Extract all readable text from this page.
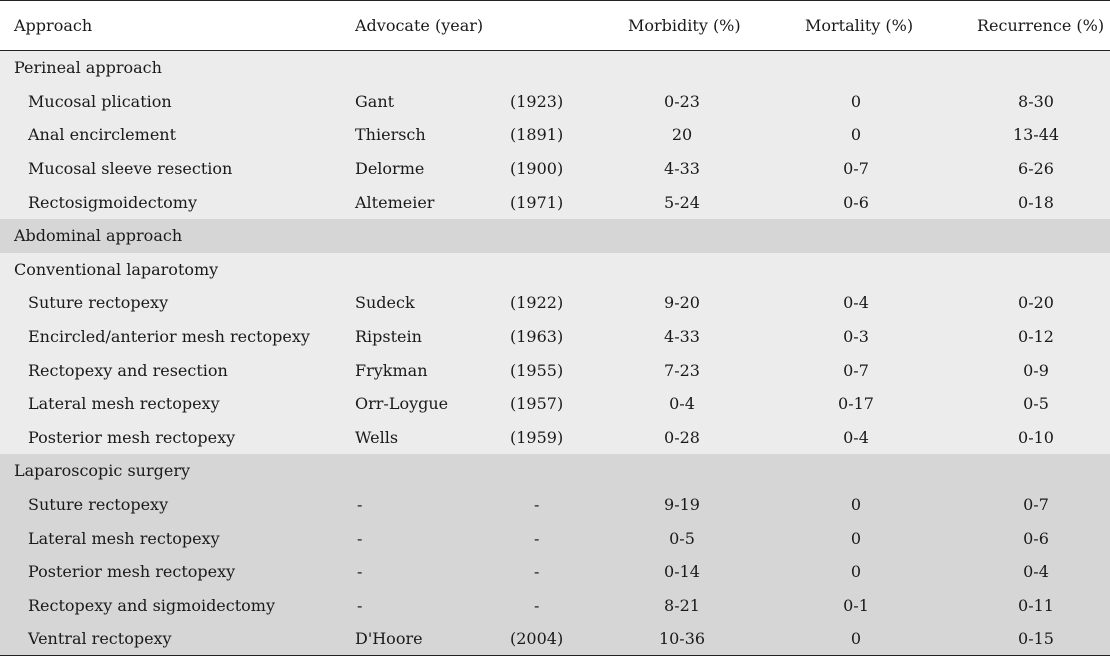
Approach	Advocate (year)	Morbidity (%)	Mortality (%)	Recurrence (%)
Perineal approach
Mucosal plication	Gant	(1923)	0-23	0	8-30
Anal encirclement	Thiersch	(1891)	20	0	13-44
Mucosal sleeve resection	Delorme	(1900)	4-33	0-7	6-26
Rectosigmoidectomy	Altemeier	(1971)	5-24	0-6	0-18
Abdominal approach
Conventional laparotomy
Suture rectopexy	Sudeck	(1922)	9-20	0-4	0-20
Encircled/anterior mesh rectopexy	Ripstein	(1963)	4-33	0-3	0-12
Rectopexy and resection	Frykman	(1955)	7-23	0-7	0-9
Lateral mesh rectopexy	Orr-Loygue	(1957)	0-4	0-17	0-5
Posterior mesh rectopexy	Wells	(1959)	0-28	0-4	0-10
Laparoscopic surgery
Suture rectopexy	-	-	9-19	0	0-7
Lateral mesh rectopexy	-	-	0-5	0	0-6
Posterior mesh rectopexy	-	-	0-14	0	0-4
Rectopexy and sigmoidectomy	-	-	8-21	0-1	0-11
Ventral rectopexy	D'Hoore	(2004)	10-36	0	0-15
